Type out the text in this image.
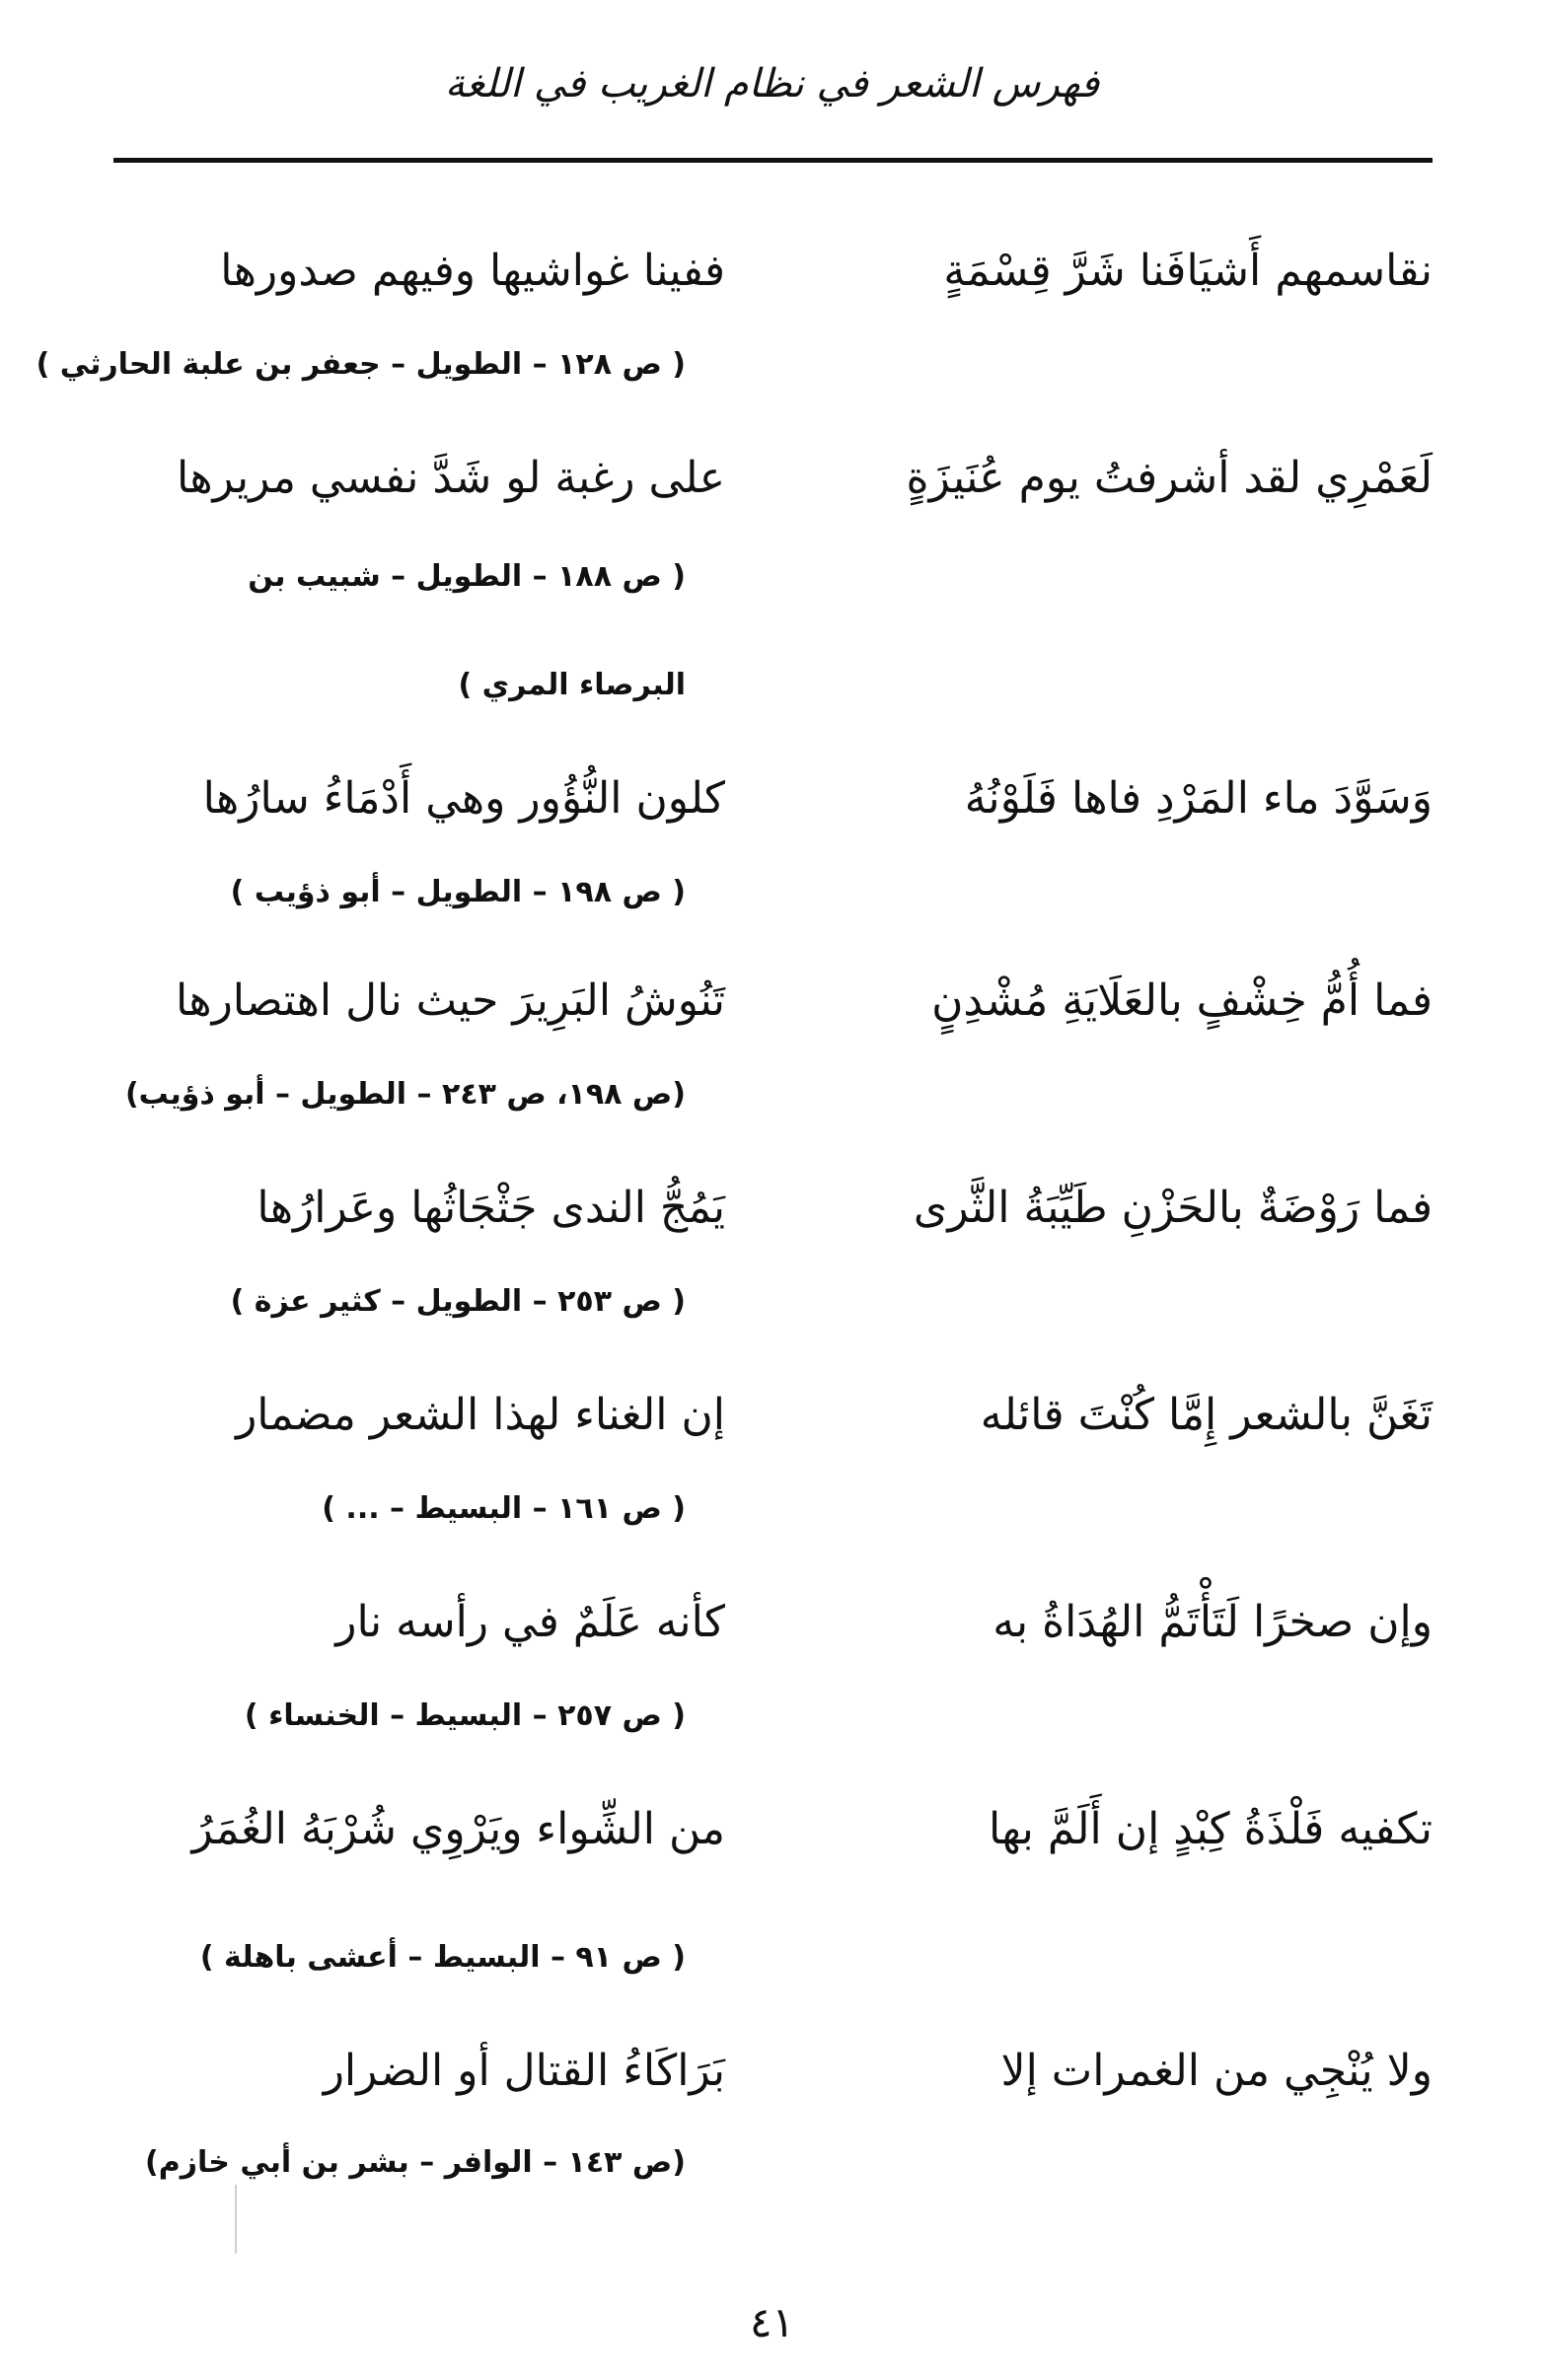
فهرس الشعر في نظام الغريب في اللغة
نقاسمهم أَشيَافَنا شَرَّ قِسْمَةٍ
ففينا غواشيها وفيهم صدورها
( ص ١٢٨ – الطويل – جعفر بن علبة الحارثي )
لَعَمْرِي لقد أشرفتُ يوم عُنَيزَةٍ
على رغبة لو شَدَّ نفسي مريرها
( ص ١٨٨ – الطويل – شبيب بن
البرصاء المري )
وَسَوَّدَ ماء المَرْدِ فاها فَلَوْنُهُ
كلون النُّؤُور وهي أَدْمَاءُ سارُها
( ص ١٩٨ – الطويل – أبو ذؤيب )
فما أُمُّ خِشْفٍ بالعَلَايَةِ مُشْدِنٍ
تَنُوشُ البَرِيرَ حيث نال اهتصارها
(ص ١٩٨، ص ٢٤٣ – الطويل – أبو ذؤيب)
فما رَوْضَةٌ بالحَزْنِ طَيِّبَةُ الثَّرى
يَمُجُّ الندى جَثْجَاثُها وعَرارُها
( ص ٢٥٣ – الطويل – كثير عزة )
تَغَنَّ بالشعر إِمَّا كُنْتَ قائله
إن الغناء لهذا الشعر مضمار
( ص ١٦١ – البسيط – ... )
وإن صخرًا لَتَأْتَمُّ الهُدَاةُ به
كأنه عَلَمٌ في رأسه نار
( ص ٢٥٧ – البسيط – الخنساء )
تكفيه فَلْذَةُ كِبْدٍ إن أَلَمَّ بها
من الشِّواء ويَرْوِي شُرْبَهُ الغُمَرُ
( ص ٩١ – البسيط – أعشى باهلة )
ولا يُنْجِي من الغمرات إلا
بَرَاكَاءُ القتال أو الضرار
(ص ١٤٣ – الوافر – بشر بن أبي خازم)
٤١
